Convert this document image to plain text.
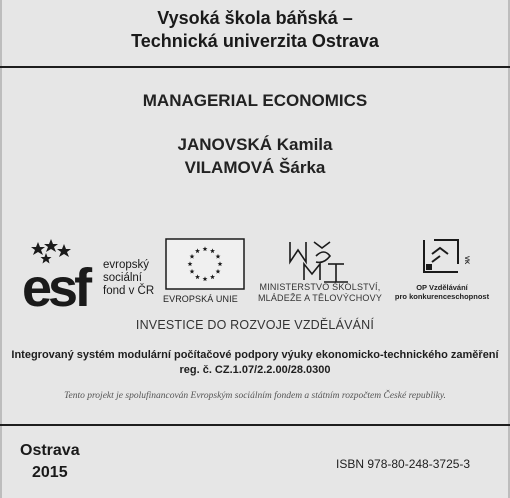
Vysoká škola báňská –
Technická univerzita Ostrava
MANAGERIAL ECONOMICS
JANOVSKÁ Kamila
VILAMOVÁ Šárka
esf	evropský
sociální
fond v ČR
EVROPSKÁ UNIE
MINISTERSTVO ŠKOLSTVÍ,
MLÁDEŽE A TĚLOVÝCHOVY
VK
OP Vzdělávání
pro konkurenceschopnost
INVESTICE DO ROZVOJE VZDĚLÁVÁNÍ
Integrovaný systém modulární počítačové podpory výuky ekonomicko-technického zaměření
reg. č. CZ.1.07/2.2.00/28.0300
Tento projekt je spolufinancován Evropským sociálním fondem a státním rozpočtem České republiky.
Ostrava
2015	ISBN 978-80-248-3725-3
